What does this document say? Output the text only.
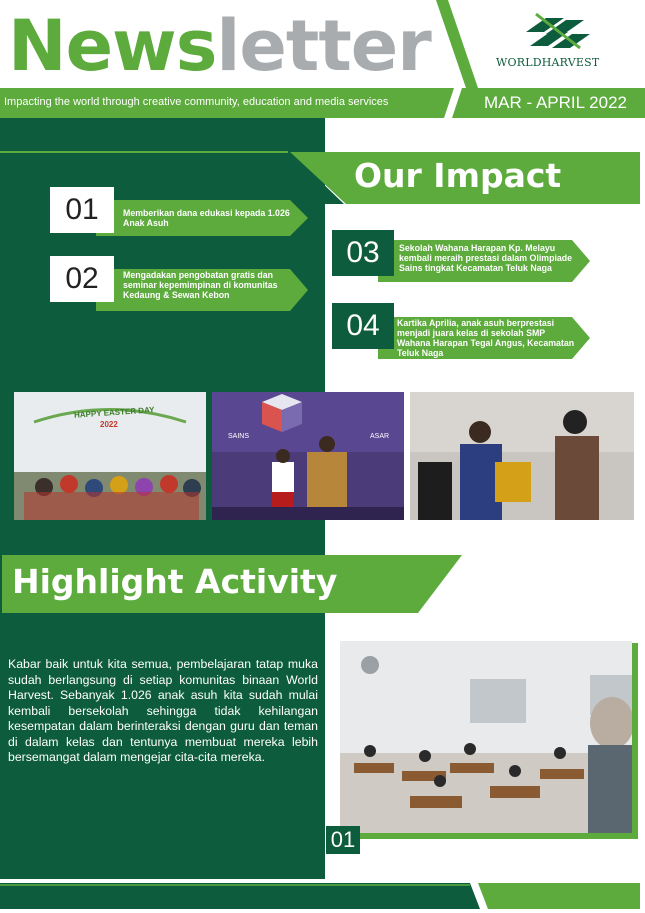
Newsletter	WORLDHARVEST
Impacting the world through creative community, education and media services	MAR - APRIL 2022
Our Impact
01	Memberikan dana edukasi kepada 1.026 Anak Asuh
02	Mengadakan pengobatan gratis dan seminar kepemimpinan di komunitas Kedaung & Sewan Kebon
03	Sekolah Wahana Harapan Kp. Melayu kembali meraih prestasi dalam Olimpiade Sains tingkat Kecamatan Teluk Naga
04	Kartika Aprilia, anak asuh berprestasi menjadi juara kelas di sekolah SMP Wahana Harapan Tegal Angus, Kecamatan Teluk Naga
HAPPY EASTER DAY
2022
SAINS	ASAR
Highlight Activity
Kabar baik untuk kita semua, pembelajaran tatap muka sudah berlangsung di setiap komunitas binaan World Harvest. Sebanyak 1.026 anak asuh kita sudah mulai kembali bersekolah sehingga tidak kehilangan kesempatan dalam berinteraksi dengan guru dan teman di dalam kelas dan tentunya membuat mereka lebih bersemangat dalam mengejar cita-cita mereka.
01
